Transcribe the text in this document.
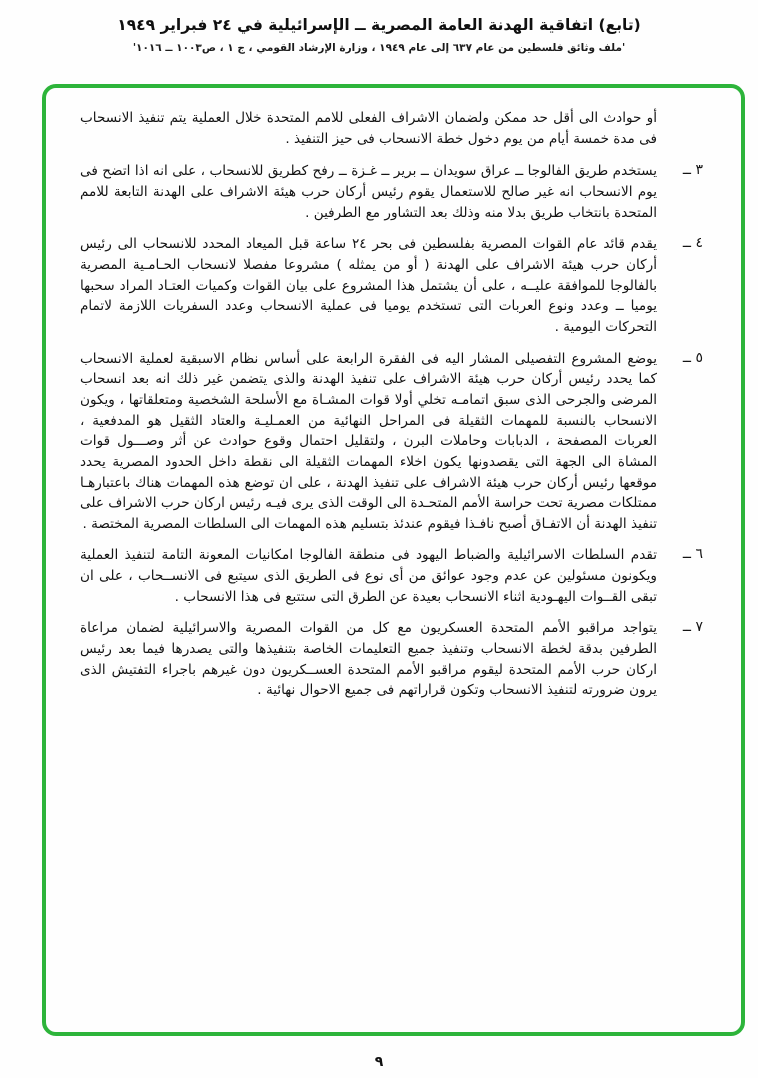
(تابع) اتفاقية الهدنة العامة المصرية ــ الإسرائيلية في ٢٤ فبراير ١٩٤٩
'ملف وثائق فلسطين من عام ٦٣٧ إلى عام ١٩٤٩ ، وزارة الإرشاد القومي ، ج ١ ، ص١٠٠٣ ــ ١٠١٦'

أو حوادث الى أقل حد ممكن ولضمان الاشراف الفعلى للامم المتحدة خلال العملية يتم تنفيذ الانسحاب فى مدة خمسة أيام من يوم دخول خطة الانسحاب فى حيز التنفيذ .

٣ ــ

يستخدم طريق الفالوجا ــ عراق سويدان ــ برير ــ غـزة ــ رفح كطريق للانسحاب ، على انه اذا اتضح فى يوم الانسحاب انه غير صالح للاستعمال يقوم رئيس أركان حرب هيئة الاشراف على الهدنة التابعة للامم المتحدة بانتخاب طريق بدلا منه وذلك بعد التشاور مع الطرفين .

٤ ــ

يقدم قائد عام القوات المصرية بفلسطين فى بحر ٢٤ ساعة قبل الميعاد المحدد للانسحاب الى رئيس أركان حرب هيئة الاشراف على الهدنة ( أو من يمثله ) مشروعا مفصلا لانسحاب الحـامـية المصرية بالفالوجا للموافقة عليــه ، على أن يشتمل هذا المشروع على بيان القوات وكميات العتـاد المراد سحبها يوميا ــ وعدد ونوع العربات التى تستخدم يوميا فى عملية الانسحاب وعدد السفريات اللازمة لاتمام التحركات اليومية .

٥ ــ

يوضع المشروع التفصيلى المشار اليه فى الفقرة الرابعة على أساس نظام الاسبقية لعملية الانسحاب كما يحدد رئيس أركان حرب هيئة الاشراف على تنفيذ الهدنة والذى يتضمن غير ذلك انه بعد انسحاب المرضى والجرحى الذى سبق اتمامـه تخلي أولا قوات المشـاة مع الأسلحة الشخصية ومتعلقاتها ، ويكون الانسحاب بالنسبة للمهمات الثقيلة فى المراحل النهائية من العمـليـة والعتاد الثقيل هو المدفعية ، العربات المصفحة ، الدبابات وحاملات البرن ، ولتقليل احتمال وقوع حوادث عن أثر وصـــول قوات المشاة الى الجهة التى يقصدونها يكون اخلاء المهمات الثقيلة الى نقطة داخل الحدود المصرية يحدد موقعها رئيس أركان حرب هيئة الاشراف على تنفيذ الهدنة ، على ان توضع هذه المهمات هناك باعتبارهـا ممتلكات مصرية تحت حراسة الأمم المتحـدة الى الوقت الذى يرى فيـه رئيس اركان حرب الاشراف على تنفيذ الهدنة أن الاتفـاق أصبح نافـذا فيقوم عندئذ بتسليم هذه المهمات الى السلطات المصرية المختصة .

٦ ــ

تقدم السلطات الاسرائيلية والضباط اليهود فى منطقة الفالوجا امكانيات المعونة التامة لتنفيذ العملية ويكونون مسئولين عن عدم وجود عوائق من أى نوع فى الطريق الذى سيتبع فى الانســحاب ، على ان تبقى القــوات اليهـودية اثناء الانسحاب بعيدة عن الطرق التى ستتبع فى هذا الانسحاب .

٧ ــ

يتواجد مراقبو الأمم المتحدة العسكريون مع كل من القوات المصرية والاسرائيلية لضمان مراعاة الطرفين بدقة لخطة الانسحاب وتنفيذ جميع التعليمات الخاصة بتنفيذها والتى يصدرها فيما بعد رئيس اركان حرب الأمم المتحدة ليقوم مراقبو الأمم المتحدة العســكريون دون غيرهم باجراء التفتيش الذى يرون ضرورته لتنفيذ الانسحاب وتكون قراراتهم فى جميع الاحوال نهائية .

٩
